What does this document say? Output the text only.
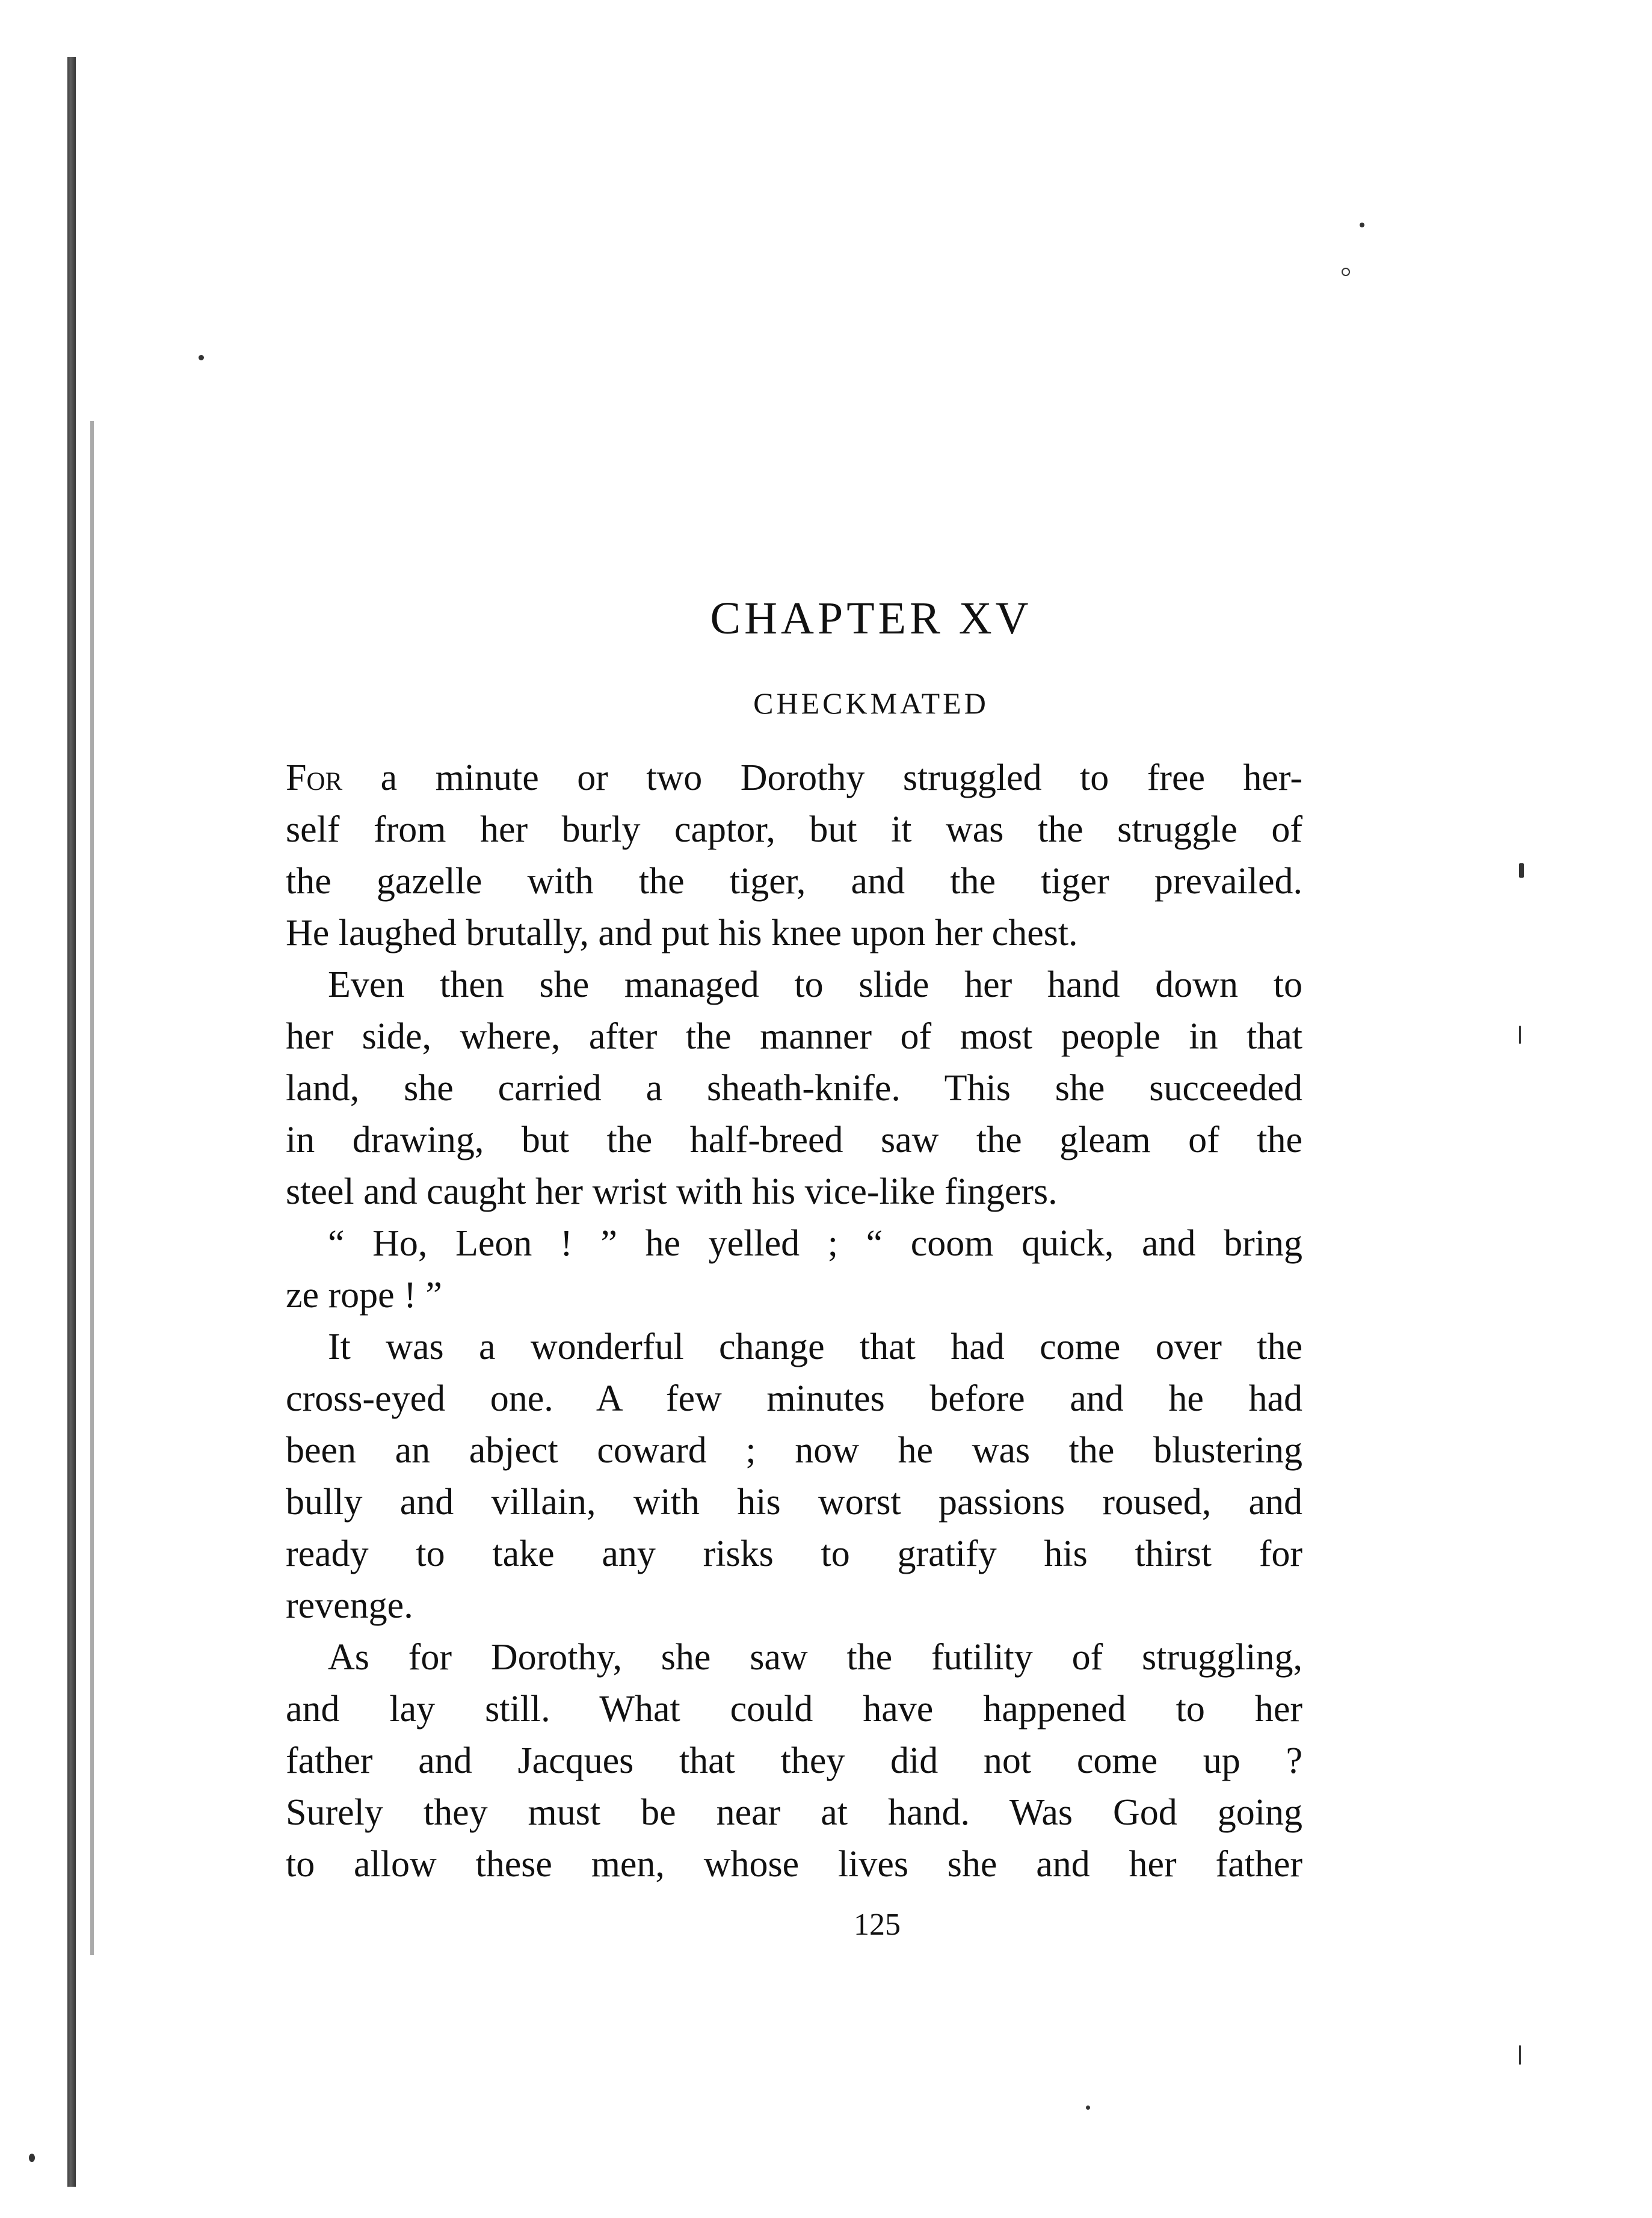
CHAPTER XV
CHECKMATED
For a minute or two Dorothy struggled to free her-
self from her burly captor, but it was the struggle of
the gazelle with the tiger, and the tiger prevailed.
He laughed brutally, and put his knee upon her chest.
Even then she managed to slide her hand down to
her side, where, after the manner of most people in that
land, she carried a sheath-knife. This she succeeded
in drawing, but the half-breed saw the gleam of the
steel and caught her wrist with his vice-like fingers.
“ Ho, Leon ! ” he yelled ; “ coom quick, and bring
ze rope ! ”
It was a wonderful change that had come over the
cross-eyed one. A few minutes before and he had
been an abject coward ; now he was the blustering
bully and villain, with his worst passions roused, and
ready to take any risks to gratify his thirst for
revenge.
As for Dorothy, she saw the futility of struggling,
and lay still. What could have happened to her
father and Jacques that they did not come up ?
Surely they must be near at hand. Was God going
to allow these men, whose lives she and her father
125
